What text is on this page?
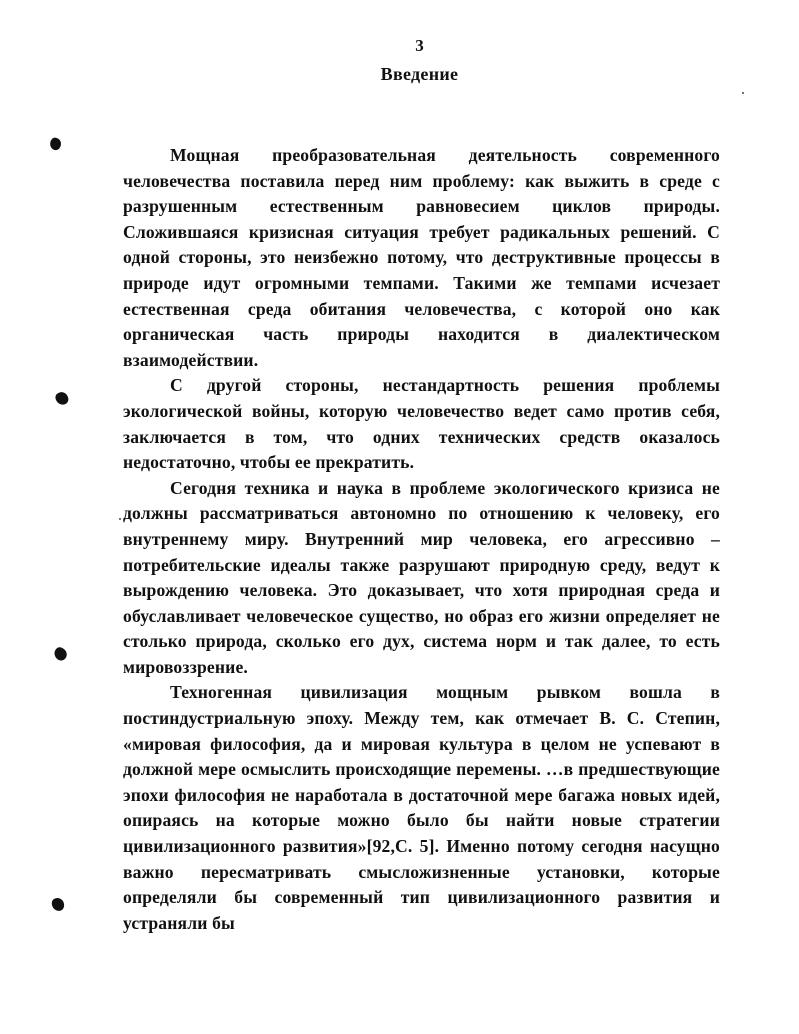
3
Введение

Мощная преобразовательная деятельность современного человечества поставила перед ним проблему: как выжить в среде с разрушенным естественным равновесием циклов природы. Сложившаяся кризисная ситуация требует радикальных решений. С одной стороны, это неизбежно потому, что деструктивные процессы в природе идут огромными темпами. Такими же темпами исчезает естественная среда обитания человечества, с которой оно как органическая часть природы находится в диалектическом взаимодействии.

С другой стороны, нестандартность решения проблемы экологической войны, которую человечество ведет само против себя, заключается в том, что одних технических средств оказалось недостаточно, чтобы ее прекратить.

Сегодня техника и наука в проблеме экологического кризиса не должны рассматриваться автономно по отношению к человеку, его внутреннему миру. Внутренний мир человека, его агрессивно – потребительские идеалы также разрушают природную среду, ведут к вырождению человека. Это доказывает, что хотя природная среда и обуславливает человеческое существо, но образ его жизни определяет не столько природа, сколько его дух, система норм и так далее, то есть мировоззрение.

Техногенная цивилизация мощным рывком вошла в постиндустриальную эпоху. Между тем, как отмечает В. С. Степин, «мировая философия, да и мировая культура в целом не успевают в должной мере осмыслить происходящие перемены. …в предшествующие эпохи философия не наработала в достаточной мере багажа новых идей, опираясь на которые можно было бы найти новые стратегии цивилизационного развития»[92,С. 5]. Именно потому сегодня насущно важно пересматривать смысложизненные установки, которые определяли бы современный тип цивилизационного развития и устраняли бы
